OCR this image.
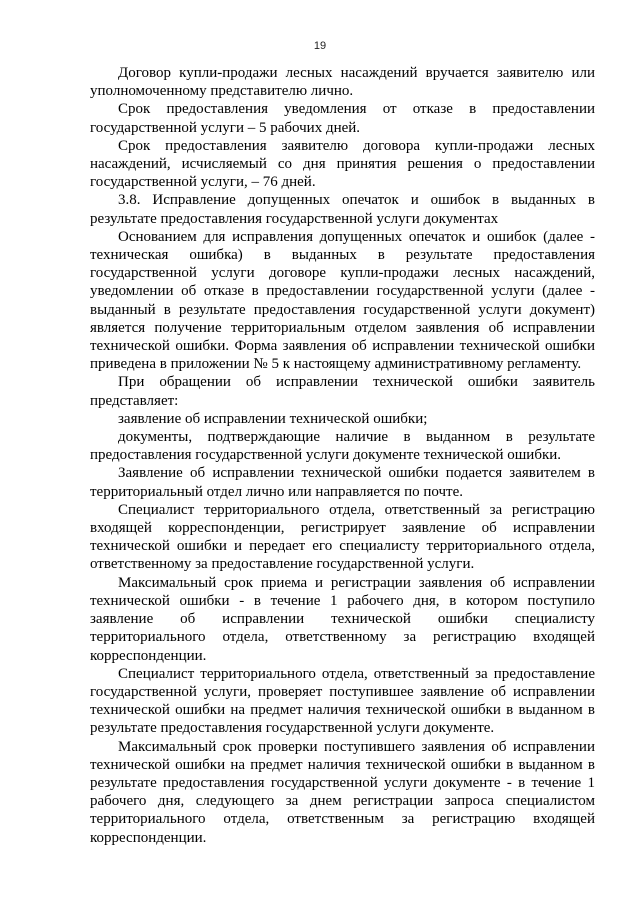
19

Договор купли-продажи лесных насаждений вручается заявителю или уполномоченному представителю лично.

Срок предоставления уведомления от отказе в предоставлении государственной услуги – 5 рабочих дней.

Срок предоставления заявителю договора купли-продажи лесных насаждений, исчисляемый со дня принятия решения о предоставлении государственной услуги, – 76 дней.

3.8. Исправление допущенных опечаток и ошибок в выданных в результате предоставления государственной услуги документах

Основанием для исправления допущенных опечаток и ошибок (далее - техническая ошибка) в выданных в результате предоставления государственной услуги договоре купли-продажи лесных насаждений, уведомлении об отказе в предоставлении государственной услуги (далее - выданный в результате предоставления государственной услуги документ) является получение территориальным отделом заявления об исправлении технической ошибки. Форма заявления об исправлении технической ошибки приведена в приложении № 5 к настоящему административному регламенту.

При обращении об исправлении технической ошибки заявитель представляет:

заявление об исправлении технической ошибки;

документы, подтверждающие наличие в выданном в результате предоставления государственной услуги документе технической ошибки.

Заявление об исправлении технической ошибки подается заявителем в территориальный отдел лично или направляется по почте.

Специалист территориального отдела, ответственный за регистрацию входящей корреспонденции, регистрирует заявление об исправлении технической ошибки и передает его специалисту территориального отдела, ответственному за предоставление государственной услуги.

Максимальный срок приема и регистрации заявления об исправлении технической ошибки - в течение 1 рабочего дня, в котором поступило заявление об исправлении технической ошибки специалисту территориального отдела, ответственному за регистрацию входящей корреспонденции.

Специалист территориального отдела, ответственный за предоставление государственной услуги, проверяет поступившее заявление об исправлении технической ошибки на предмет наличия технической ошибки в выданном в результате предоставления государственной услуги документе.

Максимальный срок проверки поступившего заявления об исправлении технической ошибки на предмет наличия технической ошибки в выданном в результате предоставления государственной услуги документе - в течение 1 рабочего дня, следующего за днем регистрации запроса специалистом территориального отдела, ответственным за регистрацию входящей корреспонденции.
